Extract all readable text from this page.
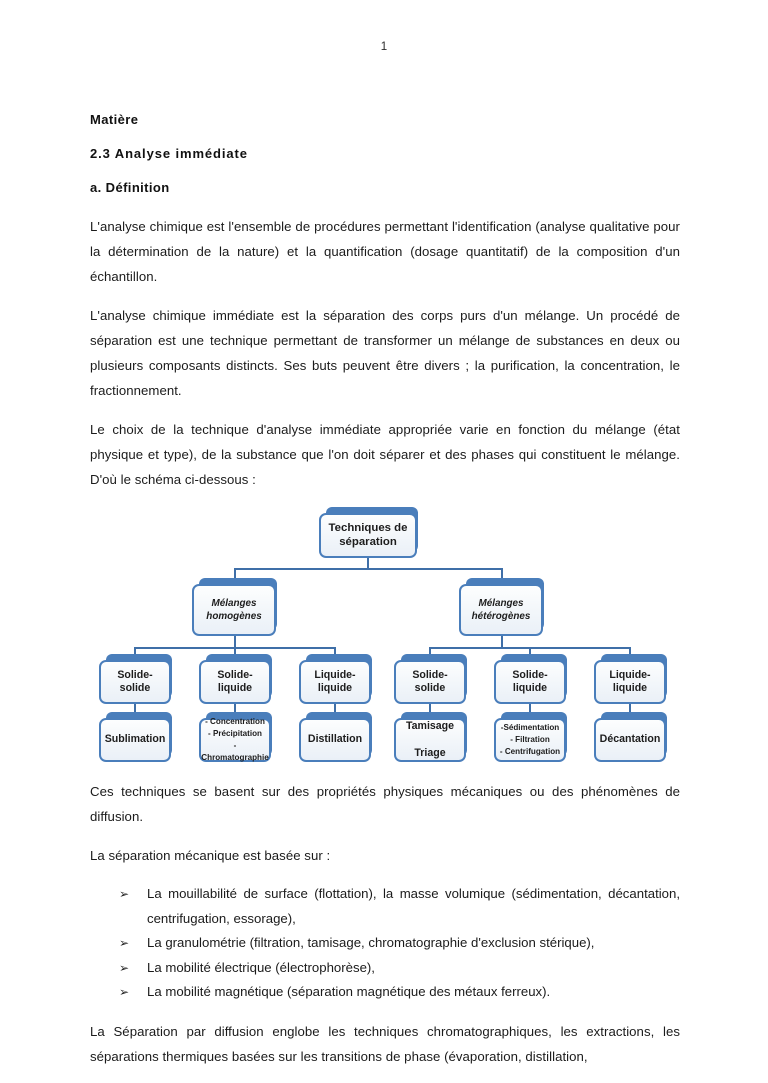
1
Matière
2.3 Analyse immédiate
a. Définition

L'analyse chimique est l'ensemble de procédures permettant l'identification (analyse qualitative pour la détermination de la nature) et la quantification (dosage quantitatif) de la composition d'un échantillon.

L'analyse chimique immédiate est la séparation des corps purs d'un mélange. Un procédé de séparation est une technique permettant de transformer un mélange de substances en deux ou plusieurs composants distincts. Ses buts peuvent être divers ; la purification, la concentration, le fractionnement.

Le choix de la technique d'analyse immédiate appropriée varie en fonction du mélange (état physique et type), de la substance que l'on doit séparer et des phases qui constituent le mélange. D'où le schéma ci-dessous :

Techniques de
séparation
Mélanges
homogènes
Mélanges
hétérogènes
Solide-
solide
Solide-
liquide
Liquide-
liquide
Solide-
solide
Solide-
liquide
Liquide-
liquide
Sublimation
- Concentration
- Précipitation
-Chromatographie
Distillation
Tamisage

Triage
-Sédimentation
- Filtration
- Centrifugation
Décantation

Ces techniques se basent sur des propriétés physiques mécaniques ou des phénomènes de diffusion.

La séparation mécanique est basée sur :

➢ La mouillabilité de surface (flottation), la masse volumique (sédimentation, décantation, centrifugation, essorage),
➢ La granulométrie (filtration, tamisage, chromatographie d'exclusion stérique),
➢ La mobilité électrique (électrophorèse),
➢ La mobilité magnétique (séparation magnétique des métaux ferreux).

La Séparation par diffusion englobe les techniques chromatographiques, les extractions, les séparations thermiques basées sur les transitions de phase (évaporation, distillation,
